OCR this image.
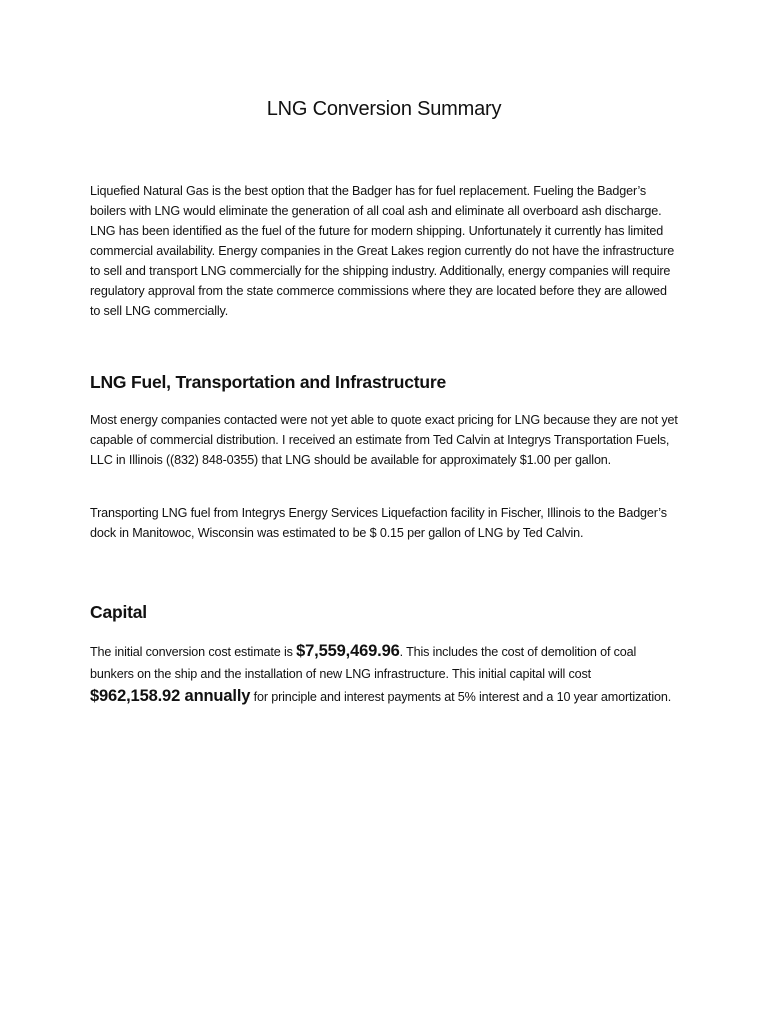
LNG Conversion Summary

Liquefied Natural Gas is the best option that the Badger has for fuel replacement. Fueling the Badger’s boilers with LNG would eliminate the generation of all coal ash and eliminate all overboard ash discharge. LNG has been identified as the fuel of the future for modern shipping. Unfortunately it currently has limited commercial availability. Energy companies in the Great Lakes region currently do not have the infrastructure to sell and transport LNG commercially for the shipping industry. Additionally, energy companies will require regulatory approval from the state commerce commissions where they are located before they are allowed to sell LNG commercially.

LNG Fuel, Transportation and Infrastructure

Most energy companies contacted were not yet able to quote exact pricing for LNG because they are not yet capable of commercial distribution. I received an estimate from Ted Calvin at Integrys Transportation Fuels, LLC in Illinois ((832) 848-0355) that LNG should be available for approximately $1.00 per gallon.

Transporting LNG fuel from Integrys Energy Services Liquefaction facility in Fischer, Illinois to the Badger’s dock in Manitowoc, Wisconsin was estimated to be $ 0.15 per gallon of LNG by Ted Calvin.

Capital

The initial conversion cost estimate is $7,559,469.96. This includes the cost of demolition of coal bunkers on the ship and the installation of new LNG infrastructure. This initial capital will cost $962,158.92 annually for principle and interest payments at 5% interest and a 10 year amortization.
